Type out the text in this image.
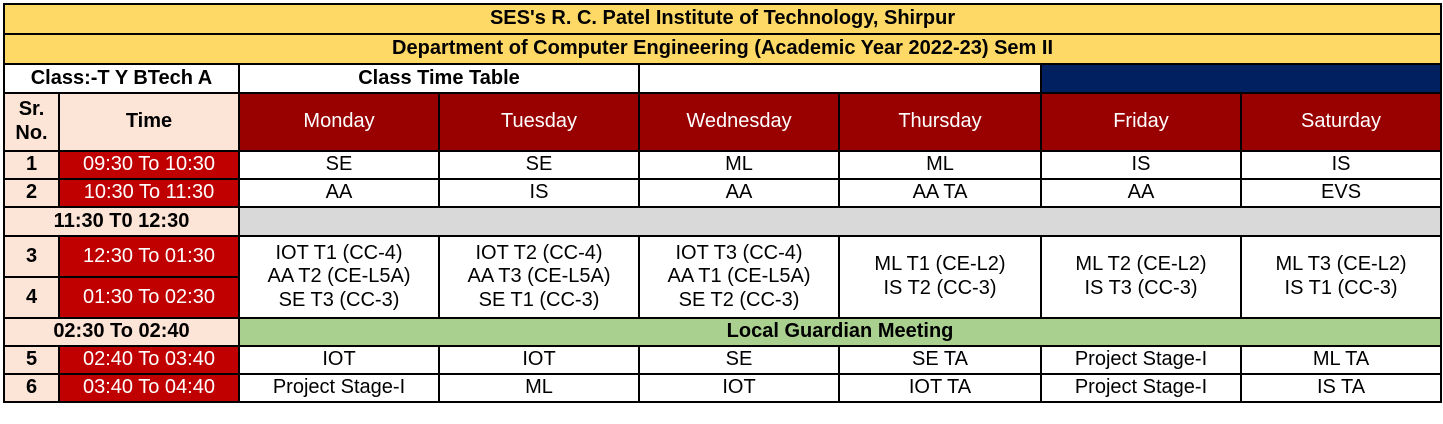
SES's R. C. Patel Institute of Technology, Shirpur							
Department of Computer Engineering (Academic Year 2022-23) Sem II							
Class:-T Y BTech A		Class Time Table					
Sr.
No.	Time	Monday	Tuesday	Wednesday	Thursday	Friday	Saturday
1	09:30 To 10:30	SE	SE	ML	ML	IS	IS
2	10:30 To 11:30	AA	IS	AA	AA TA	AA	EVS
11:30 T0 12:30							
3	12:30 To 01:30	IOT T1 (CC-4)
AA T2 (CE-L5A)
SE T3 (CC-3)	IOT T2 (CC-4)
AA T3 (CE-L5A)
SE T1 (CC-3)	IOT T3 (CC-4)
AA T1 (CE-L5A)
SE T2 (CC-3)	ML T1 (CE-L2)
IS T2 (CC-3)	ML T2 (CE-L2)
IS T3 (CC-3)	ML T3 (CE-L2)
IS T1 (CC-3)
4	01:30 To 02:30						
02:30 To 02:40		Local Guardian Meeting					
5	02:40 To 03:40	IOT	IOT	SE	SE TA	Project Stage-I	ML TA
6	03:40 To 04:40	Project Stage-I	ML	IOT	IOT TA	Project Stage-I	IS TA
